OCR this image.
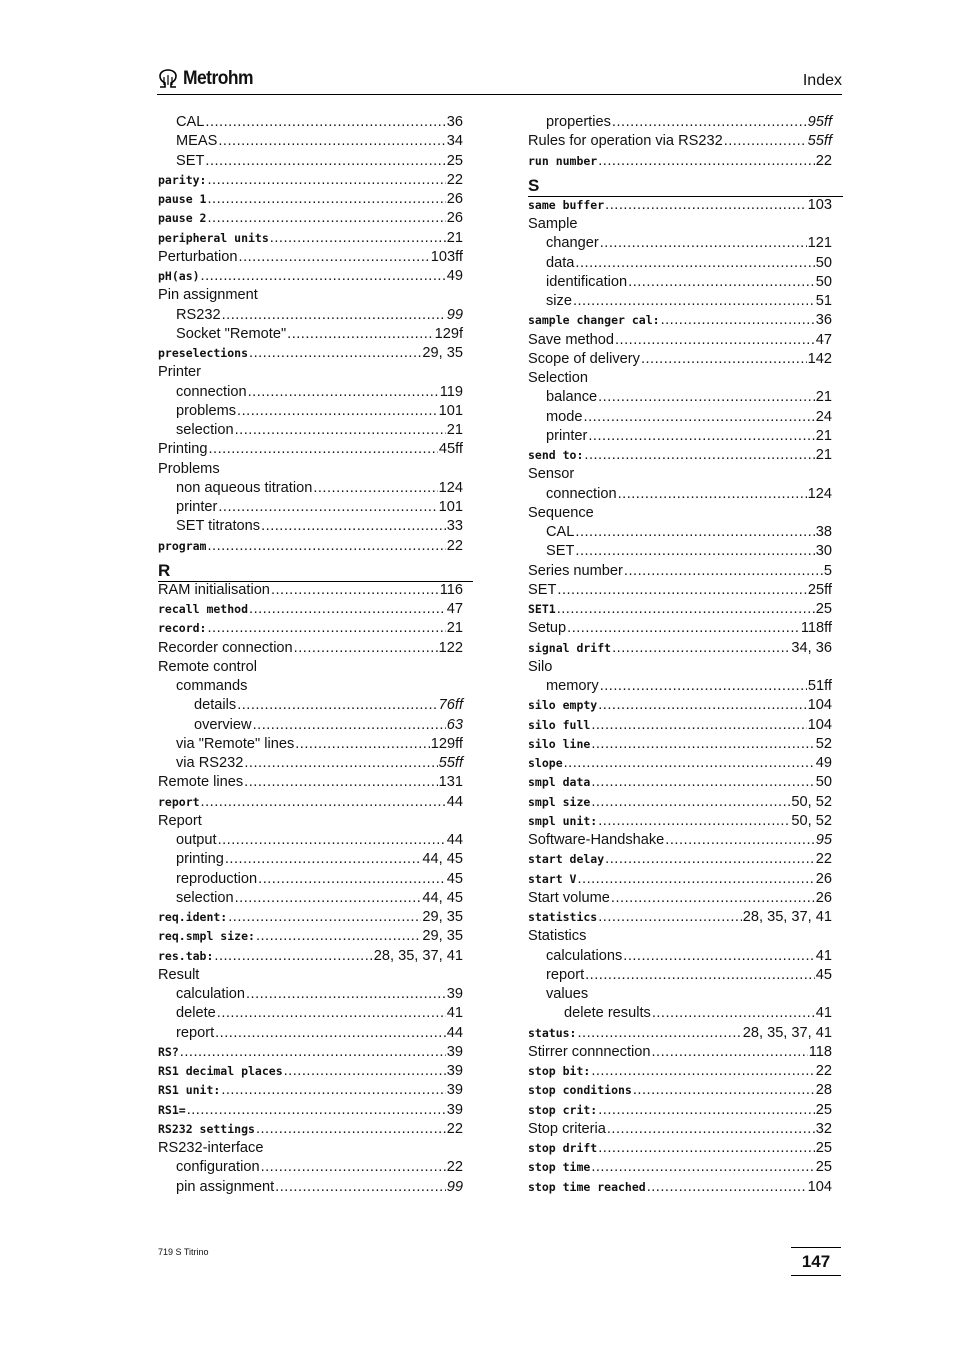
Metrohm	Index
CAL .....	36
MEAS .....	34
SET .....	25
parity: .....	22
pause 1 .....	26
pause 2 .....	26
peripheral units .....	21
Perturbation .....	103ff
pH(as) .....	49
Pin assignment
RS232 .....	99
Socket "Remote" .....	129f
preselections .....	29, 35
Printer
connection .....	119
problems .....	101
selection .....	21
Printing .....	45ff
Problems
non aqueous titration .....	124
printer .....	101
SET titratons .....	33
program .....	22
R
RAM initialisation .....	116
recall method .....	47
record: .....	21
Recorder connection .....	122
Remote control
commands
details .....	76ff
overview .....	63
via "Remote" lines .....	129ff
via RS232 .....	55ff
Remote lines .....	131
report .....	44
Report
output .....	44
printing .....	44, 45
reproduction .....	45
selection .....	44, 45
req.ident: .....	29, 35
req.smpl size: .....	29, 35
res.tab: .....	28, 35, 37, 41
Result
calculation .....	39
delete .....	41
report .....	44
RS? .....	39
RS1 decimal places .....	39
RS1 unit: .....	39
RS1= .....	39
RS232 settings .....	22
RS232-interface
configuration .....	22
pin assignment .....	99
properties .....	95ff
Rules for operation via RS232 .....	55ff
run number .....	22
S
same buffer .....	103
Sample
changer .....	121
data .....	50
identification .....	50
size .....	51
sample changer cal: .....	36
Save method .....	47
Scope of delivery .....	142
Selection
balance .....	21
mode .....	24
printer .....	21
send to: .....	21
Sensor
connection .....	124
Sequence
CAL .....	38
SET .....	30
Series number .....	5
SET .....	25ff
SET1 .....	25
Setup .....	118ff
signal drift .....	34, 36
Silo
memory .....	51ff
silo empty .....	104
silo full .....	104
silo line .....	52
slope .....	49
smpl data .....	50
smpl size .....	50, 52
smpl unit: .....	50, 52
Software-Handshake .....	95
start delay .....	22
start V .....	26
Start volume .....	26
statistics .....	28, 35, 37, 41
Statistics
calculations .....	41
report .....	45
values
delete results .....	41
status: .....	28, 35, 37, 41
Stirrer connnection .....	118
stop bit: .....	22
stop conditions .....	28
stop crit: .....	25
Stop criteria .....	32
stop drift .....	25
stop time .....	25
stop time reached .....	104
719 S Titrino	147
